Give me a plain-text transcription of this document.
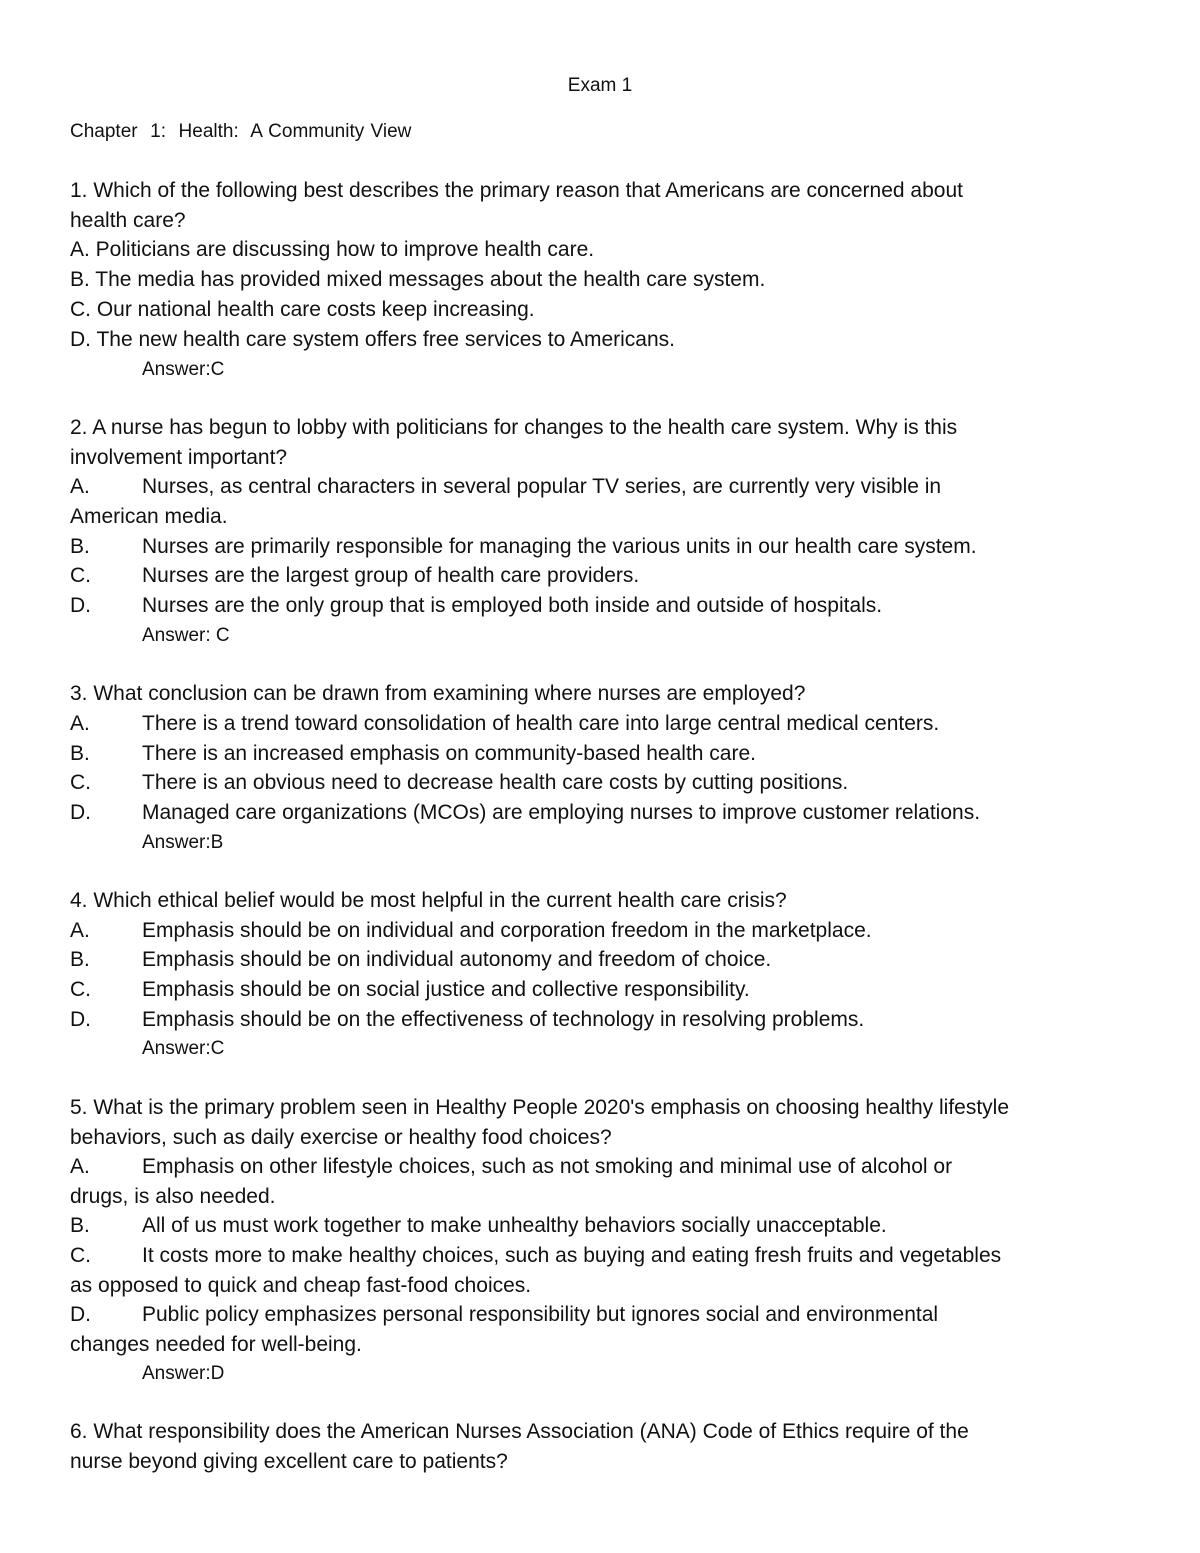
Exam 1
Chapter  1:  Health:  A Community View
1. Which of the following best describes the primary reason that Americans are concerned about
health care?
A. Politicians are discussing how to improve health care.
B. The media has provided mixed messages about the health care system.
C. Our national health care costs keep increasing.
D. The new health care system offers free services to Americans.
Answer:C
2. A nurse has begun to lobby with politicians for changes to the health care system. Why is this
involvement important?
A. Nurses, as central characters in several popular TV series, are currently very visible in
American media.
B. Nurses are primarily responsible for managing the various units in our health care system.
C. Nurses are the largest group of health care providers.
D. Nurses are the only group that is employed both inside and outside of hospitals.
Answer: C
3. What conclusion can be drawn from examining where nurses are employed?
A. There is a trend toward consolidation of health care into large central medical centers.
B. There is an increased emphasis on community-based health care.
C. There is an obvious need to decrease health care costs by cutting positions.
D. Managed care organizations (MCOs) are employing nurses to improve customer relations.
Answer:B
4. Which ethical belief would be most helpful in the current health care crisis?
A. Emphasis should be on individual and corporation freedom in the marketplace.
B. Emphasis should be on individual autonomy and freedom of choice.
C. Emphasis should be on social justice and collective responsibility.
D. Emphasis should be on the effectiveness of technology in resolving problems.
Answer:C
5. What is the primary problem seen in Healthy People 2020's emphasis on choosing healthy lifestyle
behaviors, such as daily exercise or healthy food choices?
A. Emphasis on other lifestyle choices, such as not smoking and minimal use of alcohol or
drugs, is also needed.
B. All of us must work together to make unhealthy behaviors socially unacceptable.
C. It costs more to make healthy choices, such as buying and eating fresh fruits and vegetables
as opposed to quick and cheap fast-food choices.
D. Public policy emphasizes personal responsibility but ignores social and environmental
changes needed for well-being.
Answer:D
6. What responsibility does the American Nurses Association (ANA) Code of Ethics require of the
nurse beyond giving excellent care to patients?
